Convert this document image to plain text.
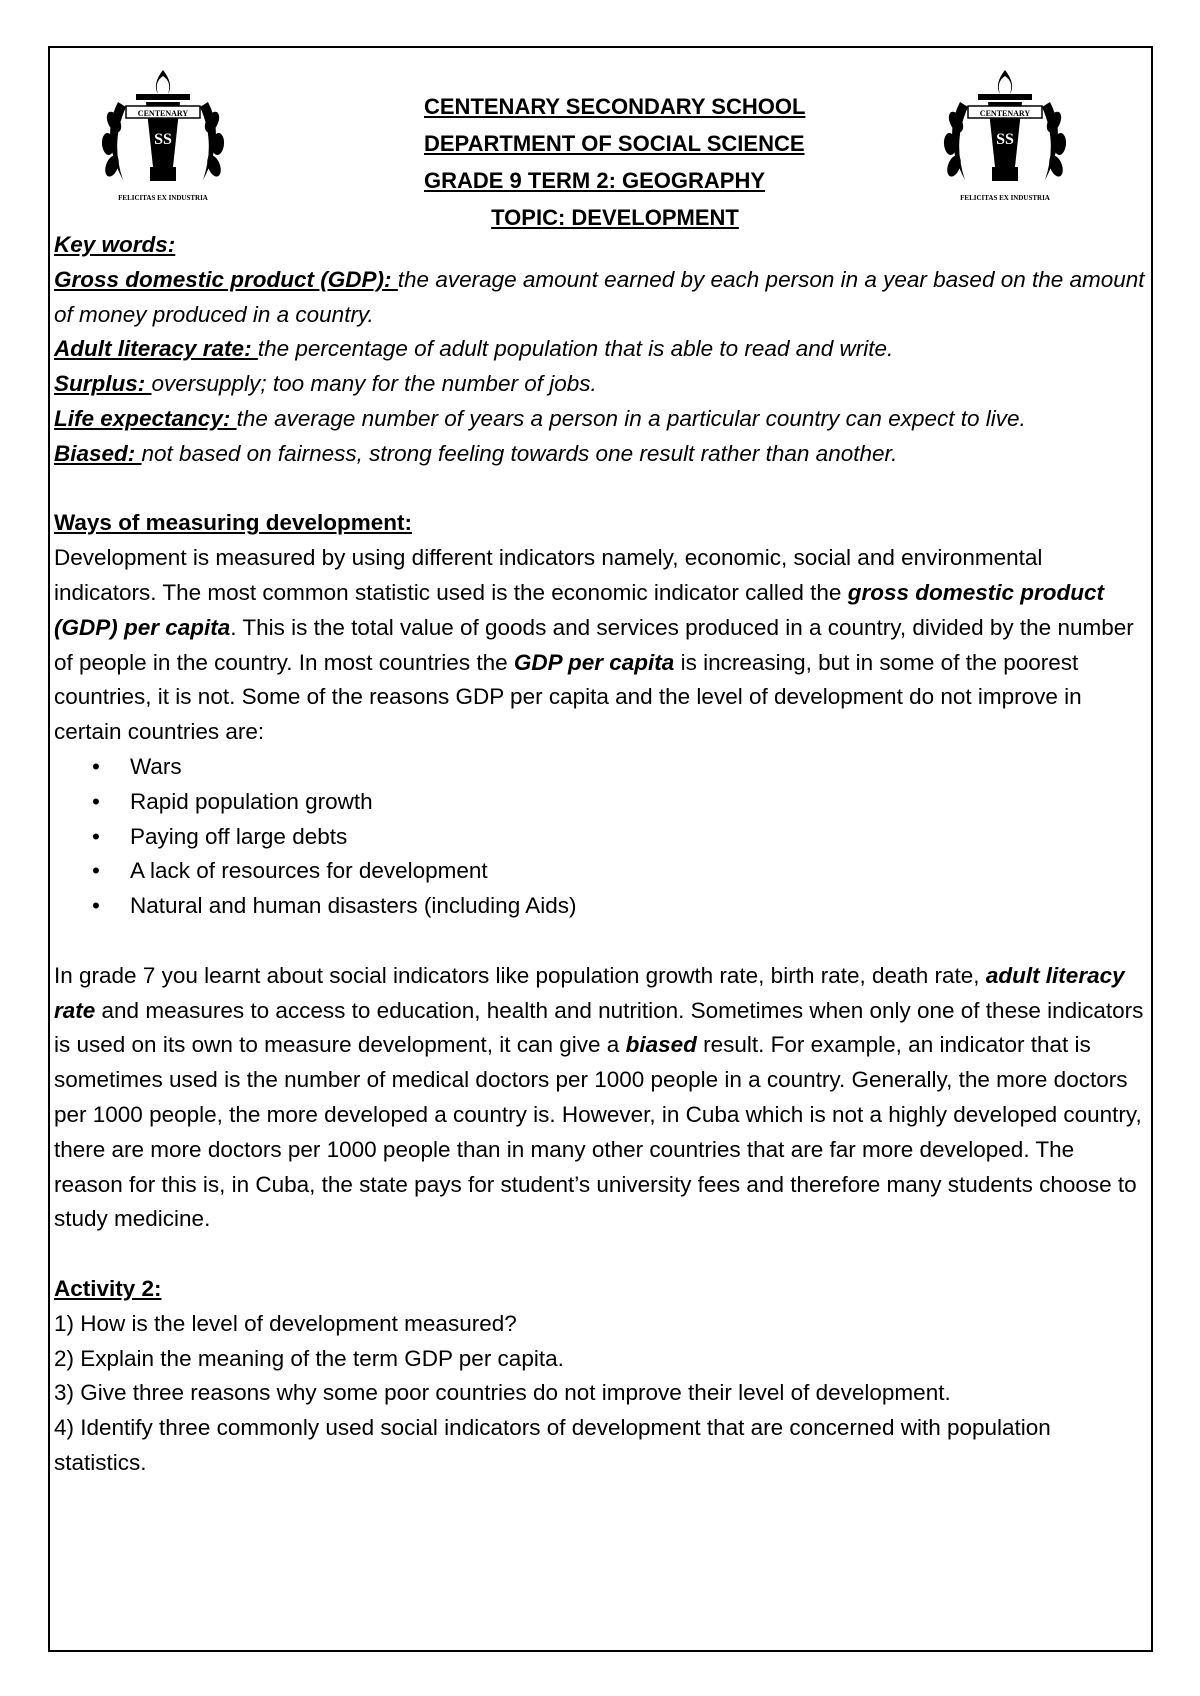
CENTENARY
SS
FELICITAS EX INDUSTRIA
CENTENARY
SS
FELICITAS EX INDUSTRIA
CENTENARY SECONDARY SCHOOL
DEPARTMENT OF SOCIAL SCIENCE
GRADE 9 TERM 2: GEOGRAPHY
TOPIC: DEVELOPMENT

Key words:

Gross domestic product (GDP): the average amount earned by each person in a year based on the amount of money produced in a country.

Adult literacy rate: the percentage of adult population that is able to read and write.

Surplus: oversupply; too many for the number of jobs.

Life expectancy: the average number of years a person in a particular country can expect to live.

Biased: not based on fairness, strong feeling towards one result rather than another.

Ways of measuring development:

Development is measured by using different indicators namely, economic, social and environmental indicators. The most common statistic used is the economic indicator called the gross domestic product (GDP) per capita. This is the total value of goods and services produced in a country, divided by the number of people in the country. In most countries the GDP per capita is increasing, but in some of the poorest countries, it is not. Some of the reasons GDP per capita and the level of development do not improve in certain countries are:

• Wars
• Rapid population growth
• Paying off large debts
• A lack of resources for development
• Natural and human disasters (including Aids)

In grade 7 you learnt about social indicators like population growth rate, birth rate, death rate, adult literacy rate and measures to access to education, health and nutrition. Sometimes when only one of these indicators is used on its own to measure development, it can give a biased result. For example, an indicator that is sometimes used is the number of medical doctors per 1000 people in a country. Generally, the more doctors per 1000 people, the more developed a country is. However, in Cuba which is not a highly developed country, there are more doctors per 1000 people than in many other countries that are far more developed. The reason for this is, in Cuba, the state pays for student’s university fees and therefore many students choose to study medicine.

Activity 2:

1) How is the level of development measured?

2) Explain the meaning of the term GDP per capita.

3) Give three reasons why some poor countries do not improve their level of development.

4) Identify three commonly used social indicators of development that are concerned with population statistics.
